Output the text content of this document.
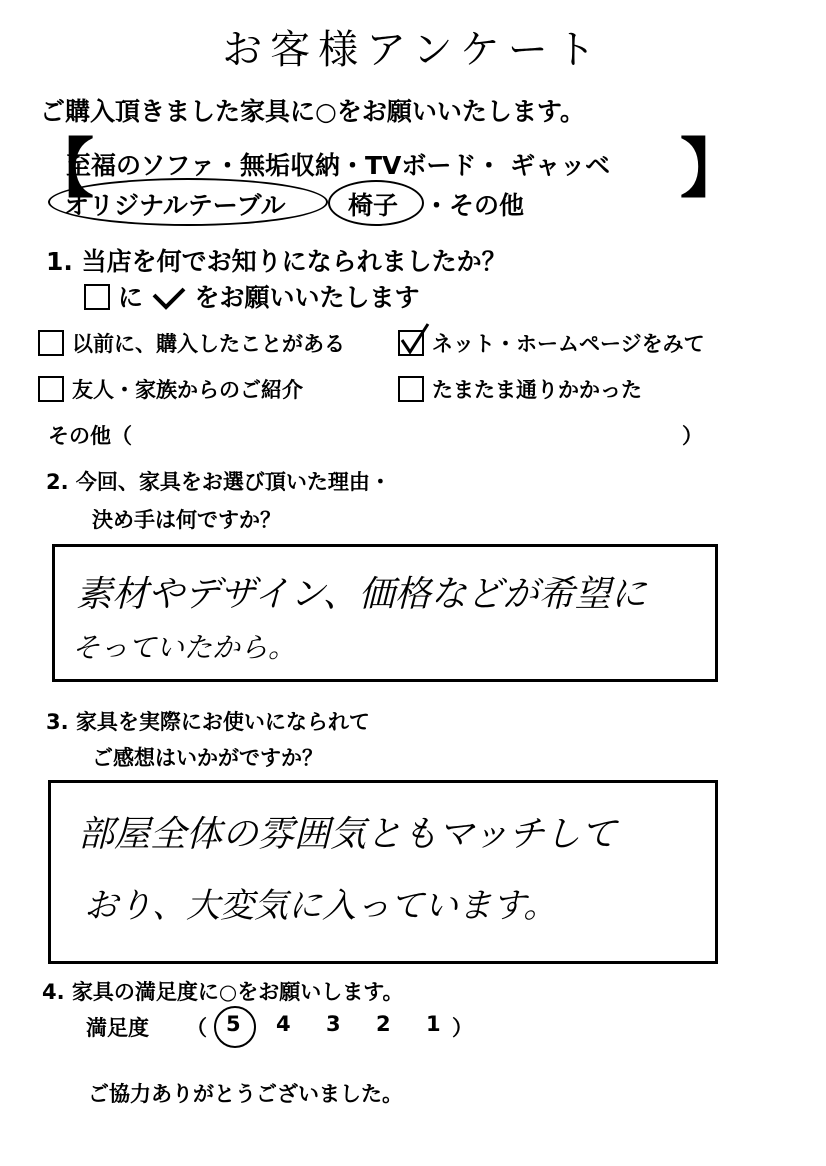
お客様アンケート
ご購入頂きました家具に○をお願いいたします。
【	】
至福のソファ・無垢収納・TVボード・ ギャッベ
オリジナルテーブル 椅子 ・その他
1. 当店を何でお知りになられましたか？
に をお願いいたします
以前に、購入したことがある	ネット・ホームページをみて
友人・家族からのご紹介	たまたま通りかかった
その他（	）
2. 今回、家具をお選び頂いた理由・
決め手は何ですか？
素材やデザイン、価格などが希望に
そっていたから。
3. 家具を実際にお使いになられて
ご感想はいかがですか？
部屋全体の雰囲気ともマッチして
おり、大変気に入っています。
4. 家具の満足度に○をお願いします。
満足度 （ 5 4 3 2 1 ）
ご協力ありがとうございました。
